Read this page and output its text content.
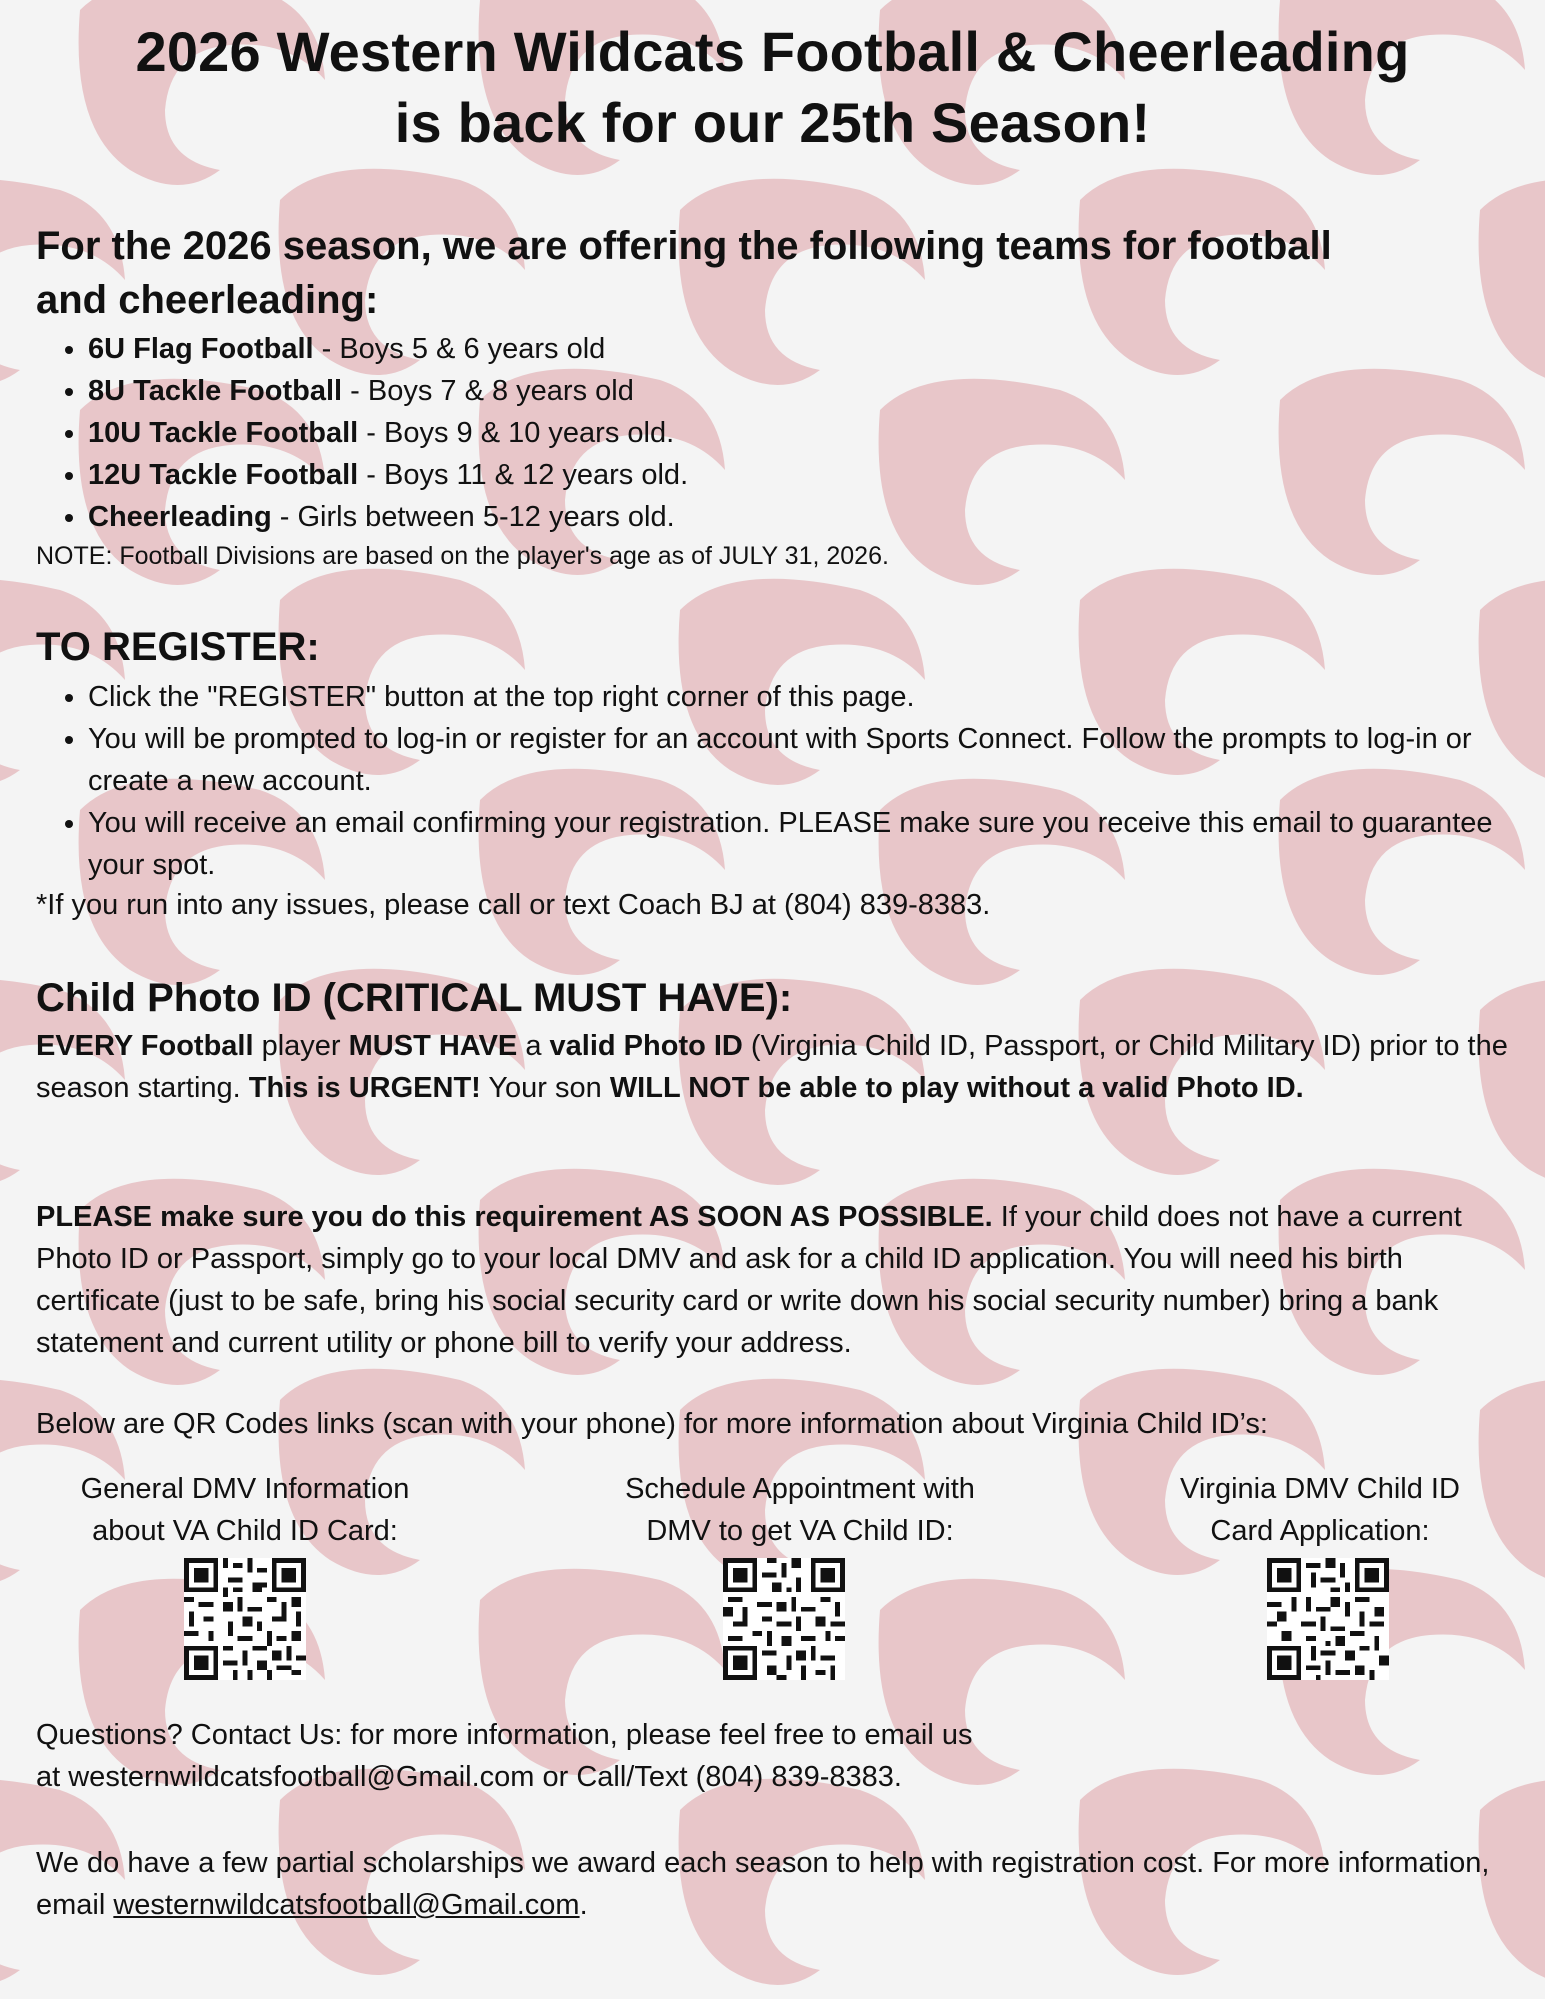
2026 Western Wildcats Football & Cheerleading
is back for our 25th Season!
For the 2026 season, we are offering the following teams for football
and cheerleading:
• 6U Flag Football - Boys 5 & 6 years old
• 8U Tackle Football - Boys 7 & 8 years old
• 10U Tackle Football - Boys 9 & 10 years old.
• 12U Tackle Football - Boys 11 & 12 years old.
• Cheerleading - Girls between 5-12 years old.
NOTE: Football Divisions are based on the player's age as of JULY 31, 2026.
TO REGISTER:
• Click the "REGISTER" button at the top right corner of this page.
• You will be prompted to log-in or register for an account with Sports Connect. Follow the prompts to log-in or create a new account.
• You will receive an email confirming your registration. PLEASE make sure you receive this email to guarantee your spot.
*If you run into any issues, please call or text Coach BJ at (804) 839-8383.
Child Photo ID (CRITICAL MUST HAVE):
EVERY Football player MUST HAVE a valid Photo ID (Virginia Child ID, Passport, or Child Military ID) prior to the season starting. This is URGENT! Your son WILL NOT be able to play without a valid Photo ID.
PLEASE make sure you do this requirement AS SOON AS POSSIBLE. If your child does not have a current Photo ID or Passport, simply go to your local DMV and ask for a child ID application. You will need his birth certificate (just to be safe, bring his social security card or write down his social security number) bring a bank statement and current utility or phone bill to verify your address.
Below are QR Codes links (scan with your phone) for more information about Virginia Child ID’s:
General DMV Information
about VA Child ID Card:
Schedule Appointment with
DMV to get VA Child ID:
Virginia DMV Child ID
Card Application:
Questions? Contact Us: for more information, please feel free to email us
at westernwildcatsfootball@Gmail.com or Call/Text (804) 839-8383.
We do have a few partial scholarships we award each season to help with registration cost. For more information, email westernwildcatsfootball@Gmail.com.
